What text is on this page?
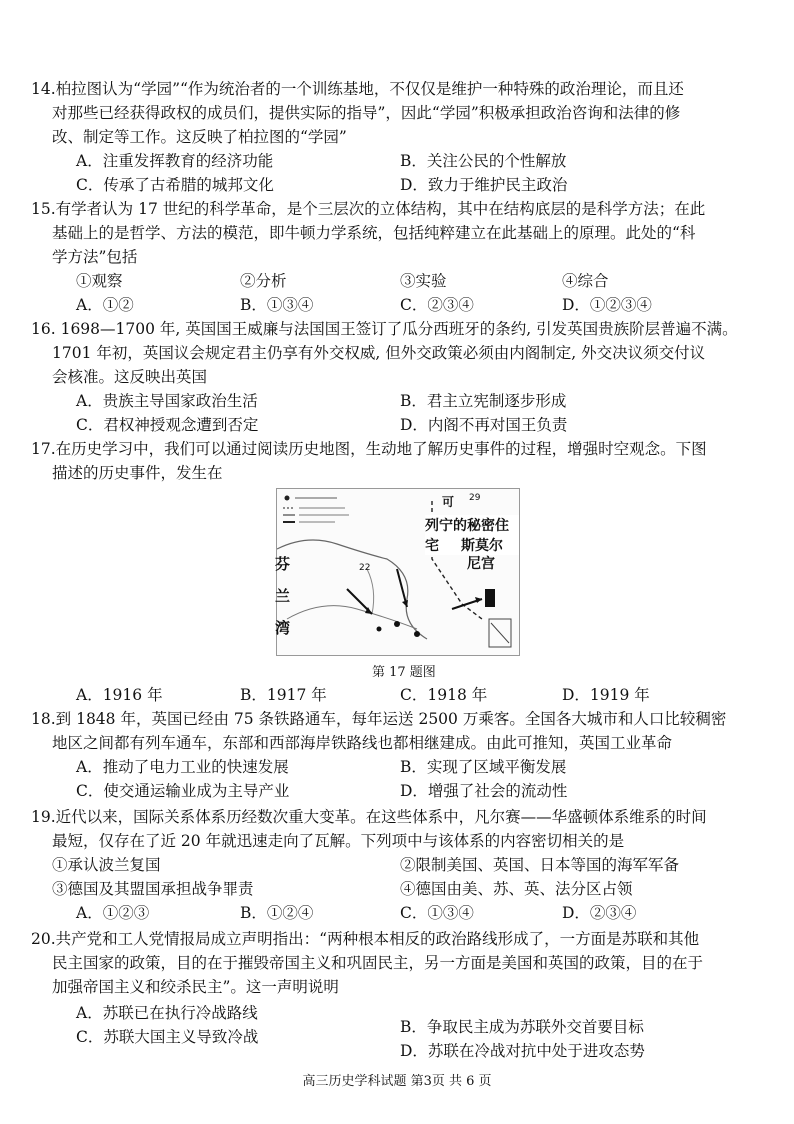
14.柏拉图认为“学园”“作为统治者的一个训练基地，不仅仅是维护一种特殊的政治理论，而且还
对那些已经获得政权的成员们，提供实际的指导”，因此“学园”积极承担政治咨询和法律的修
改、制定等工作。这反映了柏拉图的“学园”
A．注重发挥教育的经济功能	B．关注公民的个性解放
C．传承了古希腊的城邦文化	D．致力于维护民主政治
15.有学者认为 17 世纪的科学革命，是个三层次的立体结构，其中在结构底层的是科学方法；在此
基础上的是哲学、方法的模范，即牛顿力学系统，包括纯粹建立在此基础上的原理。此处的“科
学方法”包括
①观察	②分析	③实验	④综合
A．①②	B．①③④	C．②③④	D．①②③④
16. 1698—1700 年, 英国国王威廉与法国国王签订了瓜分西班牙的条约, 引发英国贵族阶层普遍不满。
1701 年初，英国议会规定君主仍享有外交权威, 但外交政策必须由内阁制定, 外交决议须交付议
会核准。这反映出英国
A．贵族主导国家政治生活	B．君主立宪制逐步形成
C．君权神授观念遭到否定	D．内阁不再对国王负责
17.在历史学习中，我们可以通过阅读历史地图，生动地了解历史事件的过程，增强时空观念。下图
描述的历史事件，发生在
可 29
22
列宁的秘密住宅	斯莫尔
尼宫
芬
兰
湾
第 17 题图
A．1916 年	B．1917 年	C．1918 年	D．1919 年
18.到 1848 年，英国已经由 75 条铁路通车，每年运送 2500 万乘客。全国各大城市和人口比较稠密
地区之间都有列车通车，东部和西部海岸铁路线也都相继建成。由此可推知，英国工业革命
A．推动了电力工业的快速发展	B．实现了区域平衡发展
C．使交通运输业成为主导产业	D．增强了社会的流动性
19.近代以来，国际关系体系历经数次重大变革。在这些体系中，凡尔赛——华盛顿体系维系的时间
最短，仅存在了近 20 年就迅速走向了瓦解。下列项中与该体系的内容密切相关的是
①承认波兰复国	②限制美国、英国、日本等国的海军军备
③德国及其盟国承担战争罪责	④德国由美、苏、英、法分区占领
A．①②③	B．①②④	C．①③④	D．②③④
20.共产党和工人党情报局成立声明指出：“两种根本相反的政治路线形成了，一方面是苏联和其他
民主国家的政策，目的在于摧毁帝国主义和巩固民主，另一方面是美国和英国的政策，目的在于
加强帝国主义和绞杀民主”。这一声明说明
A．苏联已在执行冷战路线
B．争取民主成为苏联外交首要目标
C．苏联大国主义导致冷战
D．苏联在冷战对抗中处于进攻态势
高三历史学科试题 第3页 共 6 页
